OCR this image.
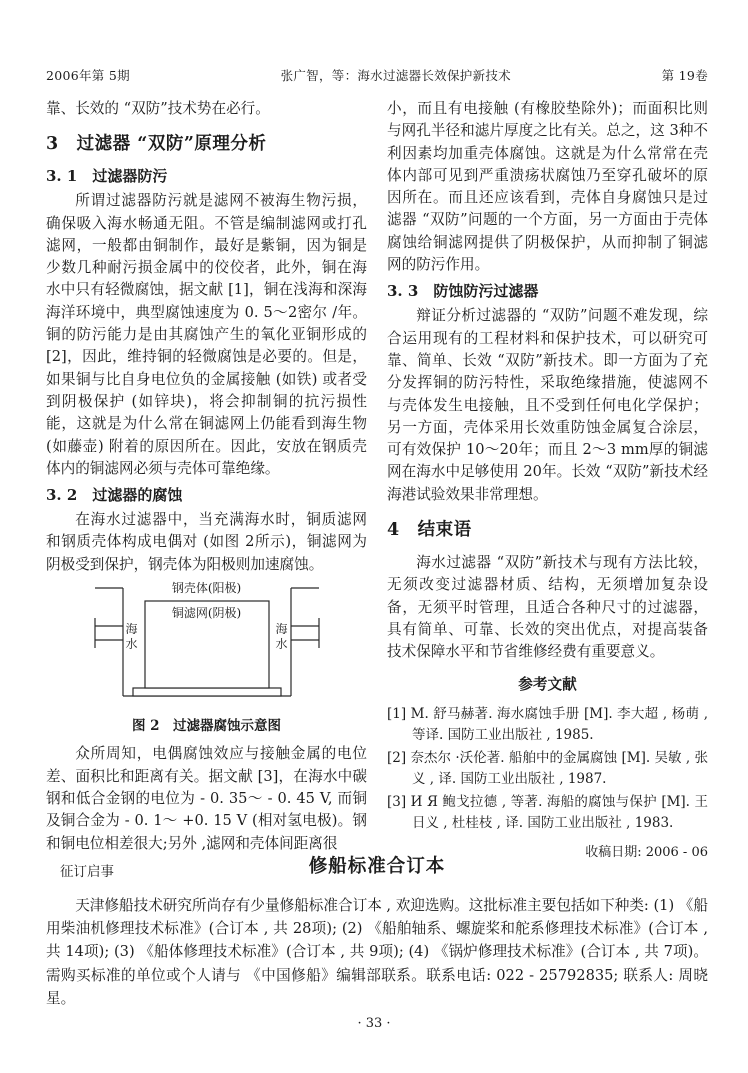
2006年第 5期	张广智，等：海水过滤器长效保护新技术	第 19卷

靠、长效的 “双防”技术势在必行。

3　过滤器 “双防”原理分析
3. 1　过滤器防污

所谓过滤器防污就是滤网不被海生物污损，确保吸入海水畅通无阻。不管是编制滤网或打孔滤网，一般都由铜制作，最好是紫铜，因为铜是少数几种耐污损金属中的佼佼者，此外，铜在海水中只有轻微腐蚀，据文献 [1]，铜在浅海和深海海洋环境中，典型腐蚀速度为 0. 5～2密尔 /年。铜的防污能力是由其腐蚀产生的氧化亚铜形成的[2]，因此，维持铜的轻微腐蚀是必要的。但是，如果铜与比自身电位负的金属接触 (如铁) 或者受到阴极保护 (如锌块)，将会抑制铜的抗污损性能，这就是为什么常在铜滤网上仍能看到海生物 (如藤壶) 附着的原因所在。因此，安放在钢质壳体内的铜滤网必须与壳体可靠绝缘。

3. 2　过滤器的腐蚀

在海水过滤器中，当充满海水时，铜质滤网和钢质壳体构成电偶对 (如图 2所示)，铜滤网为阴极受到保护，钢壳体为阳极则加速腐蚀。

钢壳体(阳极)
铜滤网(阴极)
海水
海水
图 2　过滤器腐蚀示意图

众所周知，电偶腐蚀效应与接触金属的电位差、面积比和距离有关。据文献 [3]，在海水中碳钢和低合金钢的电位为 - 0. 35～ - 0. 45 V, 而铜及铜合金为 - 0. 1～ +0. 15 V (相对氢电极)。钢和铜电位相差很大;另外 ,滤网和壳体间距离很

小，而且有电接触 (有橡胶垫除外)；而面积比则与网孔半径和滤片厚度之比有关。总之，这 3种不利因素均加重壳体腐蚀。这就是为什么常常在壳体内部可见到严重溃疡状腐蚀乃至穿孔破坏的原因所在。而且还应该看到，壳体自身腐蚀只是过滤器 “双防”问题的一个方面，另一方面由于壳体腐蚀给铜滤网提供了阴极保护，从而抑制了铜滤网的防污作用。

3. 3　防蚀防污过滤器

辩证分析过滤器的 “双防”问题不难发现，综合运用现有的工程材料和保护技术，可以研究可靠、简单、长效 “双防”新技术。即一方面为了充分发挥铜的防污特性，采取绝缘措施，使滤网不与壳体发生电接触，且不受到任何电化学保护；另一方面，壳体采用长效重防蚀金属复合涂层，可有效保护 10～20年；而且 2～3 mm厚的铜滤网在海水中足够使用 20年。长效 “双防”新技术经海港试验效果非常理想。

4　结束语

海水过滤器 “双防”新技术与现有方法比较，无须改变过滤器材质、结构，无须增加复杂设备，无须平时管理，且适合各种尺寸的过滤器，具有简单、可靠、长效的突出优点，对提高装备技术保障水平和节省维修经费有重要意义。

参考文献
[1] M. 舒马赫著. 海水腐蚀手册 [M]. 李大超 , 杨萌 , 等译. 国防工业出版社 , 1985.
[2] 奈杰尔 ·沃伦著. 船舶中的金属腐蚀 [M]. 吴敏 , 张义 , 译. 国防工业出版社 , 1987.
[3] И Я 鲍戈拉德 , 等著. 海船的腐蚀与保护 [M]. 王日义 , 杜桂枝 , 译. 国防工业出版社 , 1983.
收稿日期: 2006 - 06
征订启事	修船标准合订本

天津修船技术研究所尚存有少量修船标准合订本 , 欢迎选购。这批标准主要包括如下种类: (1) 《船用柴油机修理技术标准》(合订本 , 共 28项); (2) 《船舶轴系、螺旋桨和舵系修理技术标准》(合订本 , 共 14项); (3) 《船体修理技术标准》(合订本 , 共 9项); (4) 《锅炉修理技术标准》(合订本 , 共 7项)。需购买标准的单位或个人请与 《中国修船》编辑部联系。联系电话: 022 - 25792835; 联系人: 周晓星。

· 33 ·
